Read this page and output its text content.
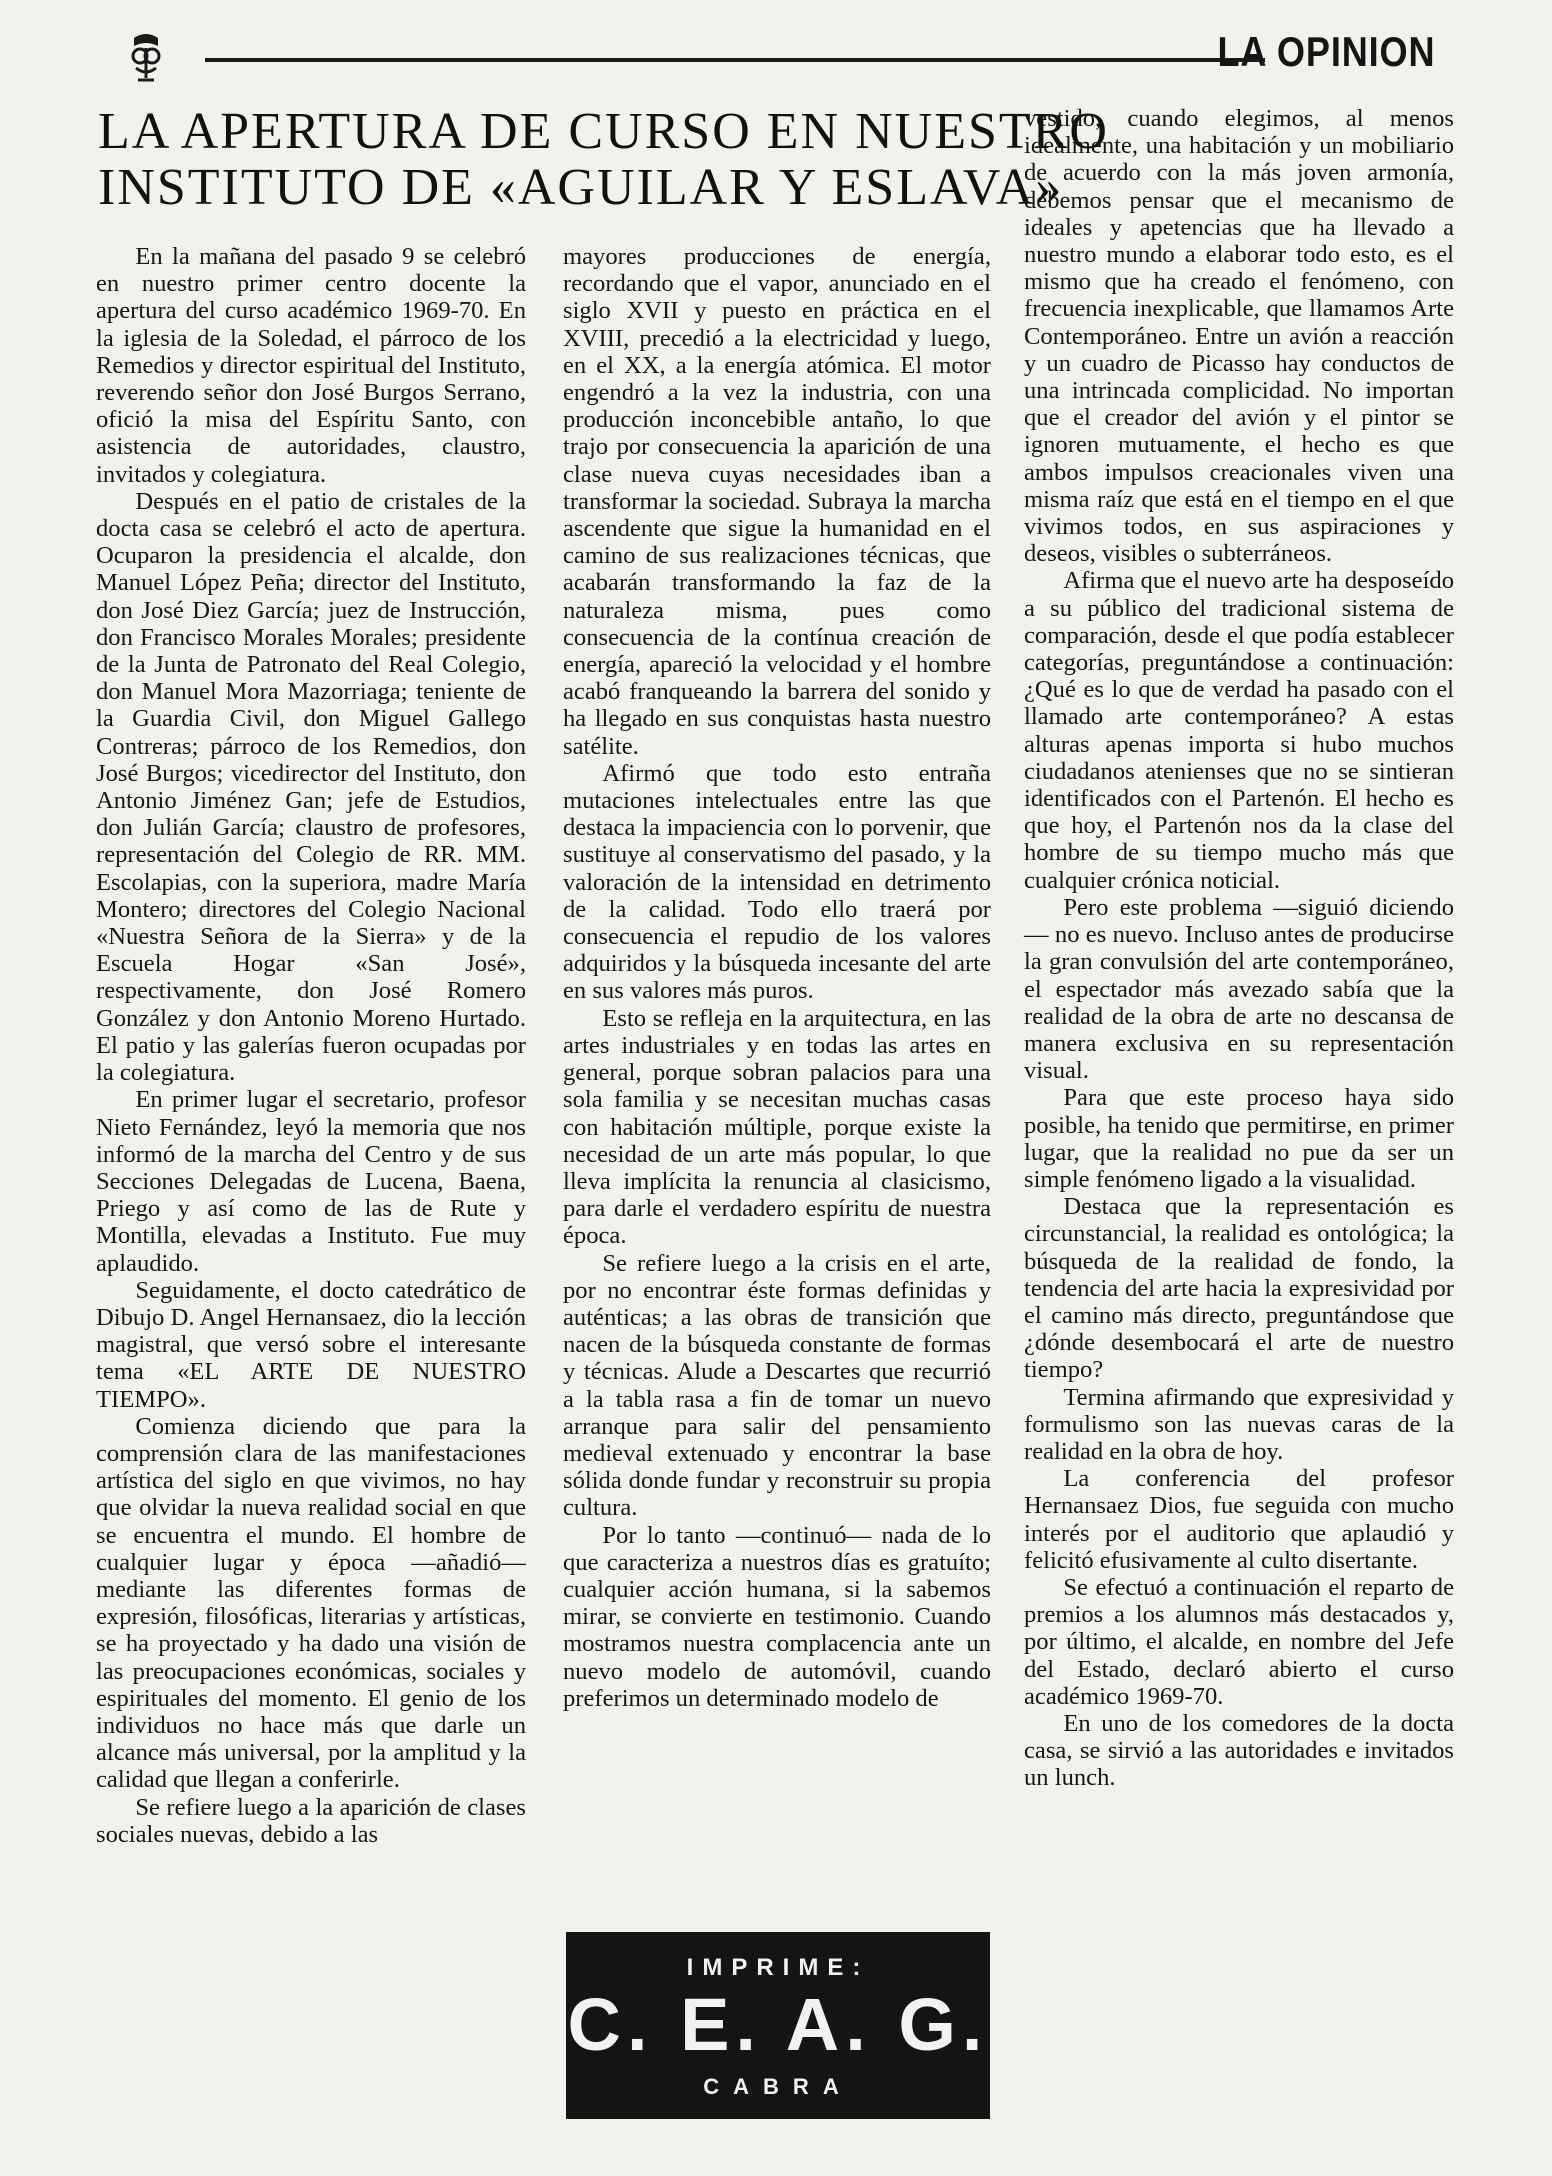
LA OPINION
LA APERTURA DE CURSO EN NUESTRO
INSTITUTO DE «AGUILAR Y ESLAVA»

En la mañana del pasado 9 se celebró en nuestro primer centro docente la apertura del curso académico 1969-70. En la iglesia de la Soledad, el párroco de los Remedios y director espiritual del Instituto, reverendo señor don José Burgos Serrano, ofició la misa del Espíritu Santo, con asistencia de autoridades, claustro, invitados y colegiatura.

Después en el patio de cristales de la docta casa se celebró el acto de apertura. Ocuparon la presidencia el alcalde, don Manuel López Peña; director del Instituto, don José Diez García; juez de Instrucción, don Francisco Morales Morales; presidente de la Junta de Patronato del Real Colegio, don Manuel Mora Mazorriaga; teniente de la Guardia Civil, don Miguel Gallego Contreras; párroco de los Remedios, don José Burgos; vicedirector del Instituto, don Antonio Jiménez Gan; jefe de Estudios, don Julián García; claustro de profesores, representación del Colegio de RR. MM. Escolapias, con la superiora, madre María Montero; directores del Colegio Nacional «Nuestra Señora de la Sierra» y de la Escuela Hogar «San José», respectivamente, don José Romero González y don Antonio Moreno Hurtado. El patio y las galerías fueron ocupadas por la colegiatura.

En primer lugar el secretario, profesor Nieto Fernández, leyó la memoria que nos informó de la marcha del Centro y de sus Secciones Delegadas de Lucena, Baena, Priego y así como de las de Rute y Montilla, elevadas a Instituto. Fue muy aplaudido.

Seguidamente, el docto catedrático de Dibujo D. Angel Hernansaez, dio la lección magistral, que versó sobre el interesante tema «EL ARTE DE NUESTRO TIEMPO».

Comienza diciendo que para la comprensión clara de las manifestaciones artística del siglo en que vivimos, no hay que olvidar la nueva realidad social en que se encuentra el mundo. El hombre de cualquier lugar y época —añadió— mediante las diferentes formas de expresión, filosóficas, literarias y artísticas, se ha proyectado y ha dado una visión de las preocupaciones económicas, sociales y espirituales del momento. El genio de los individuos no hace más que darle un alcance más universal, por la amplitud y la calidad que llegan a conferirle.

Se refiere luego a la aparición de clases sociales nuevas, debido a las

mayores producciones de energía, recordando que el vapor, anunciado en el siglo XVII y puesto en práctica en el XVIII, precedió a la electricidad y luego, en el XX, a la energía atómica. El motor engendró a la vez la industria, con una producción inconcebible antaño, lo que trajo por consecuencia la aparición de una clase nueva cuyas necesidades iban a transformar la sociedad. Subraya la marcha ascendente que sigue la humanidad en el camino de sus realizaciones técnicas, que acabarán transformando la faz de la naturaleza misma, pues como consecuencia de la contínua creación de energía, apareció la velocidad y el hombre acabó franqueando la barrera del sonido y ha llegado en sus conquistas hasta nuestro satélite.

Afirmó que todo esto entraña mutaciones intelectuales entre las que destaca la impaciencia con lo porvenir, que sustituye al conservatismo del pasado, y la valoración de la intensidad en detrimento de la calidad. Todo ello traerá por consecuencia el repudio de los valores adquiridos y la búsqueda incesante del arte en sus valores más puros.

Esto se refleja en la arquitectura, en las artes industriales y en todas las artes en general, porque sobran palacios para una sola familia y se necesitan muchas casas con habitación múltiple, porque existe la necesidad de un arte más popular, lo que lleva implícita la renuncia al clasicismo, para darle el verdadero espíritu de nuestra época.

Se refiere luego a la crisis en el arte, por no encontrar éste formas definidas y auténticas; a las obras de transición que nacen de la búsqueda constante de formas y técnicas. Alude a Descartes que recurrió a la tabla rasa a fin de tomar un nuevo arranque para salir del pensamiento medieval extenuado y encontrar la base sólida donde fundar y reconstruir su propia cultura.

Por lo tanto —continuó— nada de lo que caracteriza a nuestros días es gratuíto; cualquier acción humana, si la sabemos mirar, se convierte en testimonio. Cuando mostramos nuestra complacencia ante un nuevo modelo de automóvil, cuando preferimos un determinado modelo de

vestido, cuando elegimos, al menos idealmente, una habitación y un mobiliario de acuerdo con la más joven armonía, debemos pensar que el mecanismo de ideales y apetencias que ha llevado a nuestro mundo a elaborar todo esto, es el mismo que ha creado el fenómeno, con frecuencia inexplicable, que llamamos Arte Contemporáneo. Entre un avión a reacción y un cuadro de Picasso hay conductos de una intrincada complicidad. No importan que el creador del avión y el pintor se ignoren mutuamente, el hecho es que ambos impulsos creacionales viven una misma raíz que está en el tiempo en el que vivimos todos, en sus aspiraciones y deseos, visibles o subterráneos.

Afirma que el nuevo arte ha desposeído a su público del tradicional sistema de comparación, desde el que podía establecer categorías, preguntándose a continuación: ¿Qué es lo que de verdad ha pasado con el llamado arte contemporáneo? A estas alturas apenas importa si hubo muchos ciudadanos atenienses que no se sintieran identificados con el Partenón. El hecho es que hoy, el Partenón nos da la clase del hombre de su tiempo mucho más que cualquier crónica noticial.

Pero este problema —siguió diciendo— no es nuevo. Incluso antes de producirse la gran convulsión del arte contemporáneo, el espectador más avezado sabía que la realidad de la obra de arte no descansa de manera exclusiva en su representación visual.

Para que este proceso haya sido posible, ha tenido que permitirse, en primer lugar, que la realidad no pue da ser un simple fenómeno ligado a la visualidad.

Destaca que la representación es circunstancial, la realidad es ontológica; la búsqueda de la realidad de fondo, la tendencia del arte hacia la expresividad por el camino más directo, preguntándose que ¿dónde desembocará el arte de nuestro tiempo?

Termina afirmando que expresividad y formulismo son las nuevas caras de la realidad en la obra de hoy.

La conferencia del profesor Hernansaez Dios, fue seguida con mucho interés por el auditorio que aplaudió y felicitó efusivamente al culto disertante.

Se efectuó a continuación el reparto de premios a los alumnos más destacados y, por último, el alcalde, en nombre del Jefe del Estado, declaró abierto el curso académico 1969-70.

En uno de los comedores de la docta casa, se sirvió a las autoridades e invitados un lunch.

IMPRIME:
C. E. A. G.
CABRA
